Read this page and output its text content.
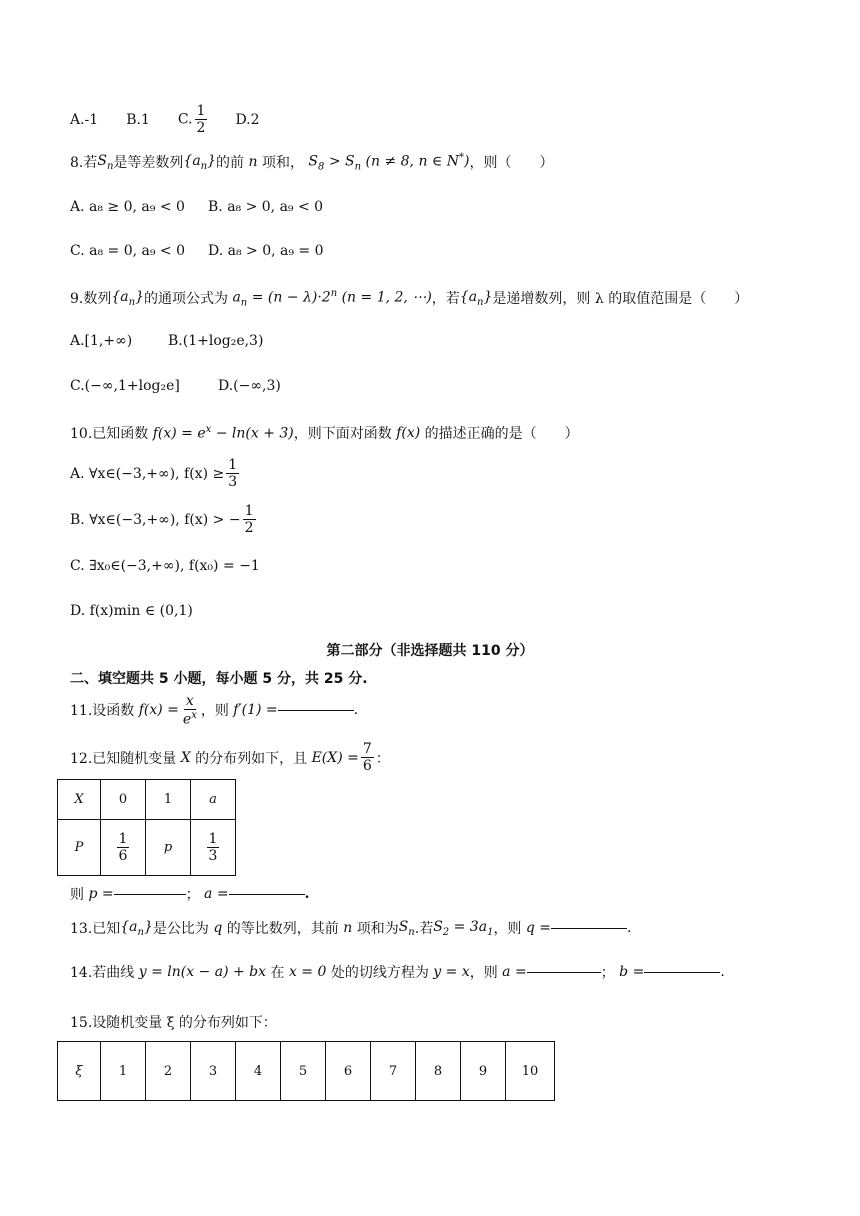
A.-1 B.1 C. $\frac{1}{2} D.2$
8.若 $S_n$ 是等差数列 $\{a_n\}$ 的前 n 项和， $S_8 > S_n$ (n ≠ 8, n ∈ N*) ，则（　　）
A. a₈ ≥ 0, a₉ < 0	B. a₈ > 0, a₉ < 0
C. a₈ = 0, a₉ < 0	D. a₈ > 0, a₉ = 0
9.数列 $\{a_n\}$ 的通项公式为 $a_n = (n - \lambda)\cdot 2^n$ (n = 1, 2, ⋯) ，若 $\{a_n\}$ 是递增数列，则 λ 的取值范围是（　　）
A.[1,+∞)	B.(1+log₂e,3)
C.(−∞,1+log₂e]	D.(−∞,3)
10.已知函数 $f(x) = e^x - \ln(x + 3)$ ，则下面对函数 f(x) 的描述正确的是（　　）
A. ∀x∈(−3,+∞), $f(x) \ge \frac{1}{3}$
B. ∀x∈(−3,+∞), f(x) > − $\frac{1}{2}$
C. ∃x₀∈(−3,+∞), f(x₀) = −1
D. f(x)min ∈ (0,1)
第二部分（非选择题共 110 分）
二、填空题共 5 小题，每小题 5 分，共 25 分.
11.设函数 $f(x) = \frac{x}{e^x}$ ，则 f′(1) =	.
12.已知随机变量 X 的分布列如下，且 $E(X) = \frac{7}{6}$ ：
X	0	1	a
P	$\frac{1}{6}$	p	$\frac{1}{3}$
则 p =	； a =	.
13.已知 $\{a_n\}$ 是公比为 q 的等比数列，其前 n 项和为 $S_n$ .若 $S_2 = 3a_1$ ，则 q =	.
14.若曲线 y = ln(x − a) + bx 在 x = 0 处的切线方程为 y = x ，则 a =	； b =	.
15.设随机变量 ξ 的分布列如下：
ξ	1	2	3	4	5	6	7	8	9	10
